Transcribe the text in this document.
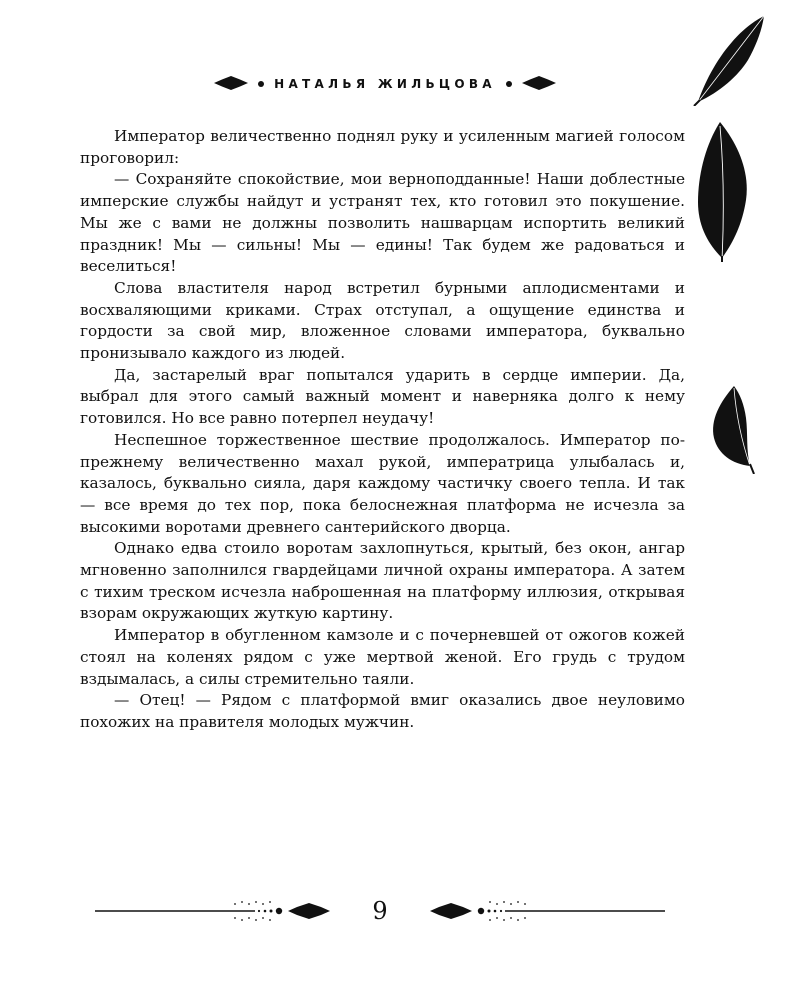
НАТАЛЬЯ ЖИЛЬЦОВА

Император величественно поднял руку и усиленным магией голосом проговорил:

— Сохраняйте спокойствие, мои верноподданные! Наши доблестные имперские службы найдут и устранят тех, кто готовил это покушение. Мы же с вами не должны позволить нашварцам испортить великий праздник! Мы — сильны! Мы — едины! Так будем же радоваться и веселиться!

Слова властителя народ встретил бурными аплодисментами и восхваляющими криками. Страх отступал, а ощущение единства и гордости за свой мир, вложенное словами императора, буквально пронизывало каждого из людей.

Да, застарелый враг попытался ударить в сердце империи. Да, выбрал для этого самый важный момент и наверняка долго к нему готовился. Но все равно потерпел неудачу!

Неспешное торжественное шествие продолжалось. Император по-прежнему величественно махал рукой, императрица улыбалась и, казалось, буквально сияла, даря каждому частичку своего тепла. И так — все время до тех пор, пока белоснежная платформа не исчезла за высокими воротами древнего сантерийского дворца.

Однако едва стоило воротам захлопнуться, крытый, без окон, ангар мгновенно заполнился гвардейцами личной охраны императора. А затем с тихим треском исчезла наброшенная на платформу иллюзия, открывая взорам окружающих жуткую картину.

Император в обугленном камзоле и с почерневшей от ожогов кожей стоял на коленях рядом с уже мертвой женой. Его грудь с трудом вздымалась, а силы стремительно таяли.

— Отец! — Рядом с платформой вмиг оказались двое неуловимо похожих на правителя молодых мужчин.

9
